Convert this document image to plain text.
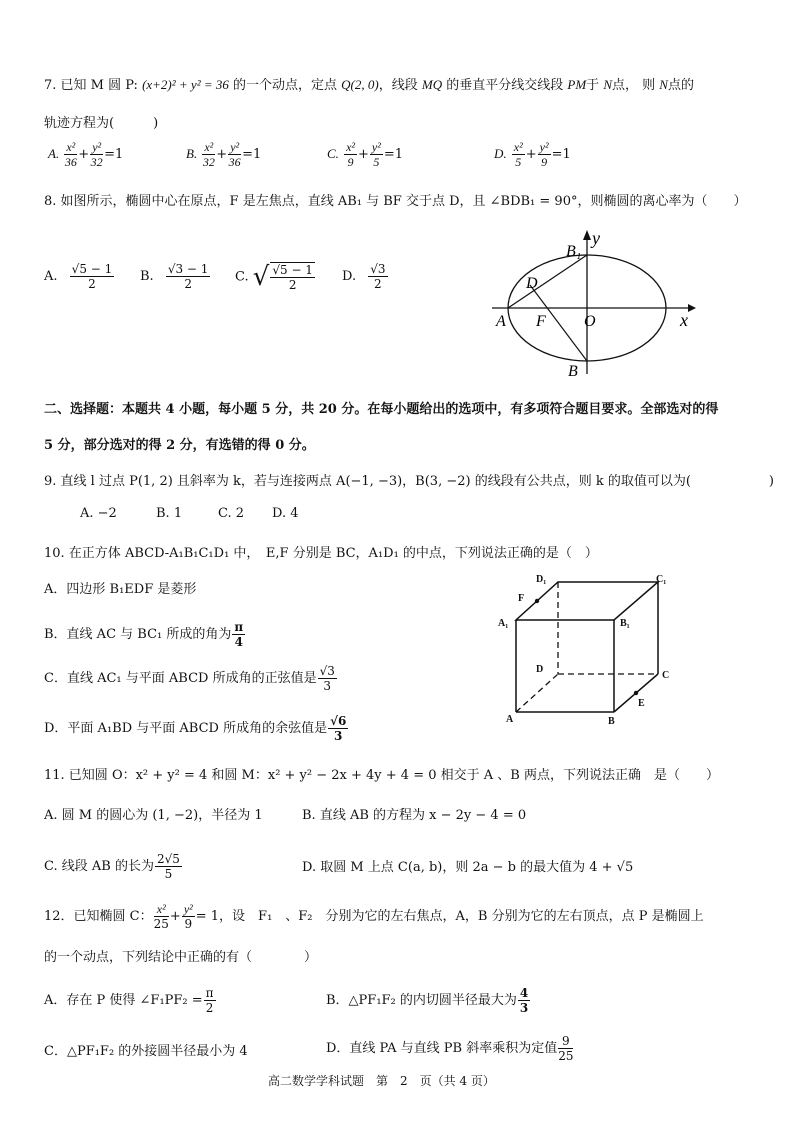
7. 已知 M 圆 P: (x+2)² + y² = 36 的一个动点，定点 Q(2, 0)，线段 MQ 的垂直平分线交线段 PM于 N点， 则 N点的
轨迹方程为(　　　)
A. $\frac{\text{x²}}{36} + \frac{\text{y²}}{32} =1$	B. $\frac{\text{x²}}{32} + \frac{\text{y²}}{36} =1$	C. $\frac{\text{x²}}{9} + \frac{\text{y²}}{5} =1$	D. $\frac{\text{x²}}{5} + \frac{\text{y²}}{9} =1$
8. 如图所示，椭圆中心在原点，F 是左焦点，直线 AB₁ 与 BF 交于点 D，且 ∠BDB₁ = 90°，则椭圆的离心率为（　　）
A. $\frac{√5 - 1}{2} B$. $\frac{√3 - 1}{2} C$. √ $\frac{√5 - 1}{2} D$. $\frac{√3}{2}$
B₁
y
D
A F O	x
B
二、选择题：本题共 4 小题，每小题 5 分，共 20 分。在每小题给出的选项中，有多项符合题目要求。全部选对的得
5 分，部分选对的得 2 分，有选错的得 0 分。
9. 直线 l 过点 P(1, 2) 且斜率为 k，若与连接两点 A(−1, −3)，B(3, −2) 的线段有公共点，则 k 的取值可以为(　　　　　　)
A. −2	B. 1	C. 2 D. 4
10. 在正方体 ABCD-A₁B₁C₁D₁ 中，　E,F 分别是 BC，A₁D₁ 的中点，下列说法正确的是（　）
A．四边形 B₁EDF 是菱形
B．直线 AC 与 BC₁ 所成的角为 $\frac{\pi}{4}$
C．直线 AC₁ 与平面 ABCD 所成角的正弦值是 $\frac{√3}{3}$
D．平面 A₁BD 与平面 ABCD 所成角的余弦值是 $\frac{√6}{3}$
D₁	C₁
F
A₁	B₁
D
C
E
A	B
11. 已知圆 O：x² + y² = 4 和圆 M：x² + y² − 2x + 4y + 4 = 0 相交于 A 、B 两点，下列说法正确　是（　　）
A. 圆 M 的圆心为 (1, −2)，半径为 1	B. 直线 AB 的方程为 x − 2y − 4 = 0
C. 线段 AB 的长为 $\frac{2√5}{5}$	D. 取圆 M 上点 C(a, b)，则 2a − b 的最大值为 4 + √5
12．已知椭圆 C： $\frac{\text{x²}}{25} + \frac{\text{y²}}{9} = 1$，设　F₁　、F₂　分别为它的左右焦点，A，B 分别为它的左右顶点，点 P 是椭圆上
的一个动点，下列结论中正确的有（　　　　）
A．存在 P 使得 ∠F₁PF₂ = $\frac{\pi}{2}$	B．△PF₁F₂ 的内切圆半径最大为 $\frac{4}{3}$
C．△PF₁F₂ 的外接圆半径最小为 4	D．直线 PA 与直线 PB 斜率乘积为定值 $\frac{9}{25}$
高二数学学科试题　第　2　页（共 4 页）
